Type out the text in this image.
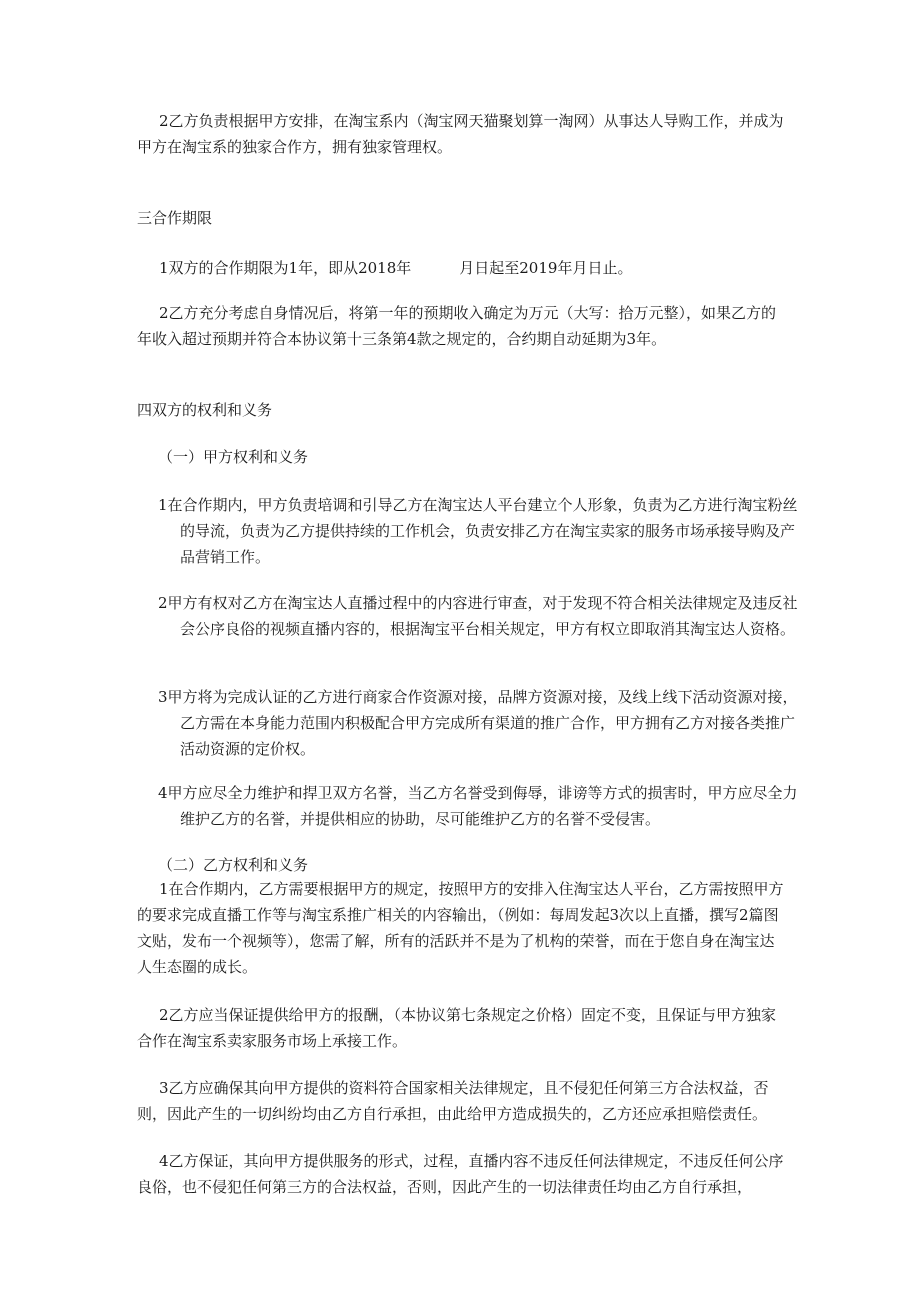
2乙方负责根据甲方安排，在淘宝系内（淘宝网天猫聚划算一淘网）从事达人导购工作，并成为甲方在淘宝系的独家合作方，拥有独家管理权。

三合作期限

1双方的合作期限为1年，即从2018年	月日起至2019年月日止。

2乙方充分考虑自身情况后，将第一年的预期收入确定为万元（大写：拾万元整），如果乙方的年收入超过预期并符合本协议第十三条第4款之规定的，合约期自动延期为3年。

四双方的权利和义务

（一）甲方权利和义务

1在合作期内，甲方负责培调和引导乙方在淘宝达人平台建立个人形象，负责为乙方进行淘宝粉丝的导流，负责为乙方提供持续的工作机会，负责安排乙方在淘宝卖家的服务市场承接导购及产品营销工作。

2甲方有权对乙方在淘宝达人直播过程中的内容进行审查，对于发现不符合相关法律规定及违反社会公序良俗的视频直播内容的，根据淘宝平台相关规定，甲方有权立即取消其淘宝达人资格。

3甲方将为完成认证的乙方进行商家合作资源对接，品牌方资源对接，及线上线下活动资源对接，乙方需在本身能力范围内积极配合甲方完成所有渠道的推广合作，甲方拥有乙方对接各类推广活动资源的定价权。

4甲方应尽全力维护和捍卫双方名誉，当乙方名誉受到侮辱，诽谤等方式的损害时，甲方应尽全力维护乙方的名誉，并提供相应的协助，尽可能维护乙方的名誉不受侵害。

（二）乙方权利和义务

1在合作期内，乙方需要根据甲方的规定，按照甲方的安排入住淘宝达人平台，乙方需按照甲方的要求完成直播工作等与淘宝系推广相关的内容输出，（例如：每周发起3次以上直播，撰写2篇图文贴，发布一个视频等），您需了解，所有的活跃并不是为了机构的荣誉，而在于您自身在淘宝达人生态圈的成长。

2乙方应当保证提供给甲方的报酬，（本协议第七条规定之价格）固定不变，且保证与甲方独家合作在淘宝系卖家服务市场上承接工作。

3乙方应确保其向甲方提供的资料符合国家相关法律规定，且不侵犯任何第三方合法权益，否则，因此产生的一切纠纷均由乙方自行承担，由此给甲方造成损失的，乙方还应承担赔偿责任。

4乙方保证，其向甲方提供服务的形式，过程，直播内容不违反任何法律规定，不违反任何公序良俗，也不侵犯任何第三方的合法权益，否则，因此产生的一切法律责任均由乙方自行承担，
